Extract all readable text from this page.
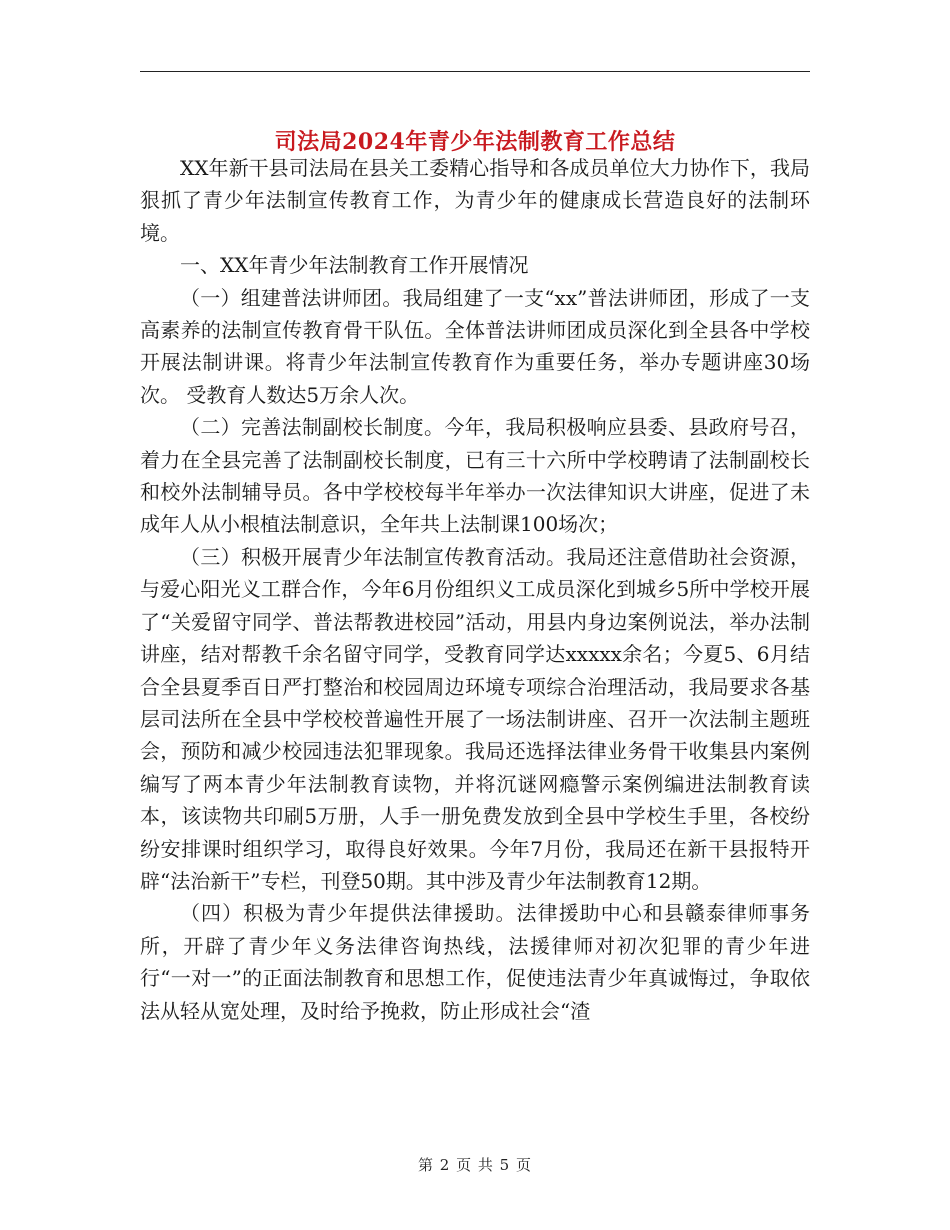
司法局2024年青少年法制教育工作总结

XX年新干县司法局在县关工委精心指导和各成员单位大力协作下，我局狠抓了青少年法制宣传教育工作，为青少年的健康成长营造良好的法制环境。

一、XX年青少年法制教育工作开展情况

（一）组建普法讲师团。我局组建了一支“xx”普法讲师团，形成了一支高素养的法制宣传教育骨干队伍。全体普法讲师团成员深化到全县各中学校开展法制讲课。将青少年法制宣传教育作为重要任务，举办专题讲座30场次。 受教育人数达5万余人次。

（二）完善法制副校长制度。今年，我局积极响应县委、县政府号召，着力在全县完善了法制副校长制度，已有三十六所中学校聘请了法制副校长和校外法制辅导员。各中学校校每半年举办一次法律知识大讲座，促进了未成年人从小根植法制意识，全年共上法制课100场次；

（三）积极开展青少年法制宣传教育活动。我局还注意借助社会资源，与爱心阳光义工群合作，今年6月份组织义工成员深化到城乡5所中学校开展了“关爱留守同学、普法帮教进校园”活动，用县内身边案例说法，举办法制讲座，结对帮教千余名留守同学，受教育同学达xxxxx余名；今夏5、6月结合全县夏季百日严打整治和校园周边环境专项综合治理活动，我局要求各基层司法所在全县中学校校普遍性开展了一场法制讲座、召开一次法制主题班会，预防和减少校园违法犯罪现象。我局还选择法律业务骨干收集县内案例编写了两本青少年法制教育读物，并将沉谜网瘾警示案例编进法制教育读本，该读物共印刷5万册，人手一册免费发放到全县中学校生手里，各校纷纷安排课时组织学习，取得良好效果。今年7月份，我局还在新干县报特开辟“法治新干”专栏，刊登50期。其中涉及青少年法制教育12期。

（四）积极为青少年提供法律援助。法律援助中心和县赣泰律师事务所，开辟了青少年义务法律咨询热线，法援律师对初次犯罪的青少年进行“一对一”的正面法制教育和思想工作，促使违法青少年真诚悔过，争取依法从轻从宽处理，及时给予挽救，防止形成社会“渣

第 2 页 共 5 页
